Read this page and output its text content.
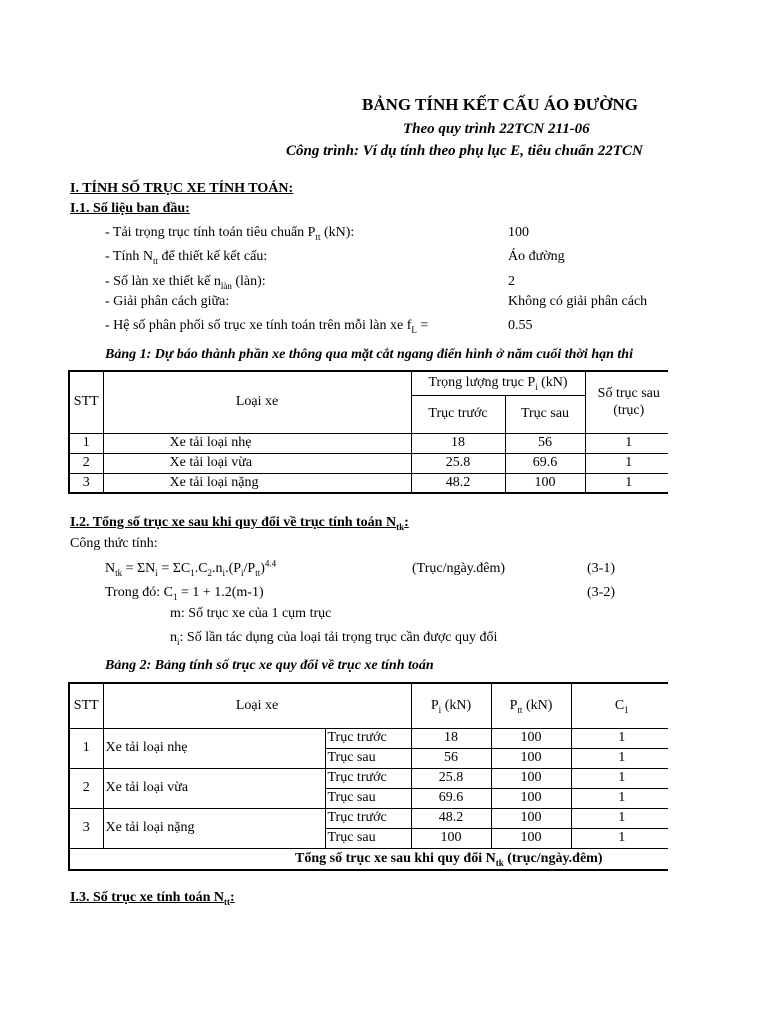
BẢNG TÍNH KẾT CẤU ÁO ĐƯỜNG
Theo quy trình 22TCN 211-06
Công trình: Ví dụ tính theo phụ lục E, tiêu chuẩn 22TCN
I. TÍNH SỐ TRỤC XE TÍNH TOÁN:
I.1. Số liệu ban đầu:
- Tải trọng trục tính toán tiêu chuẩn $P_{tt}$ (kN):	100
- Tính $N_{tt}$ để thiết kế kết cấu:	Áo đường
- Số làn xe thiết kế $n_{làn}$ (làn):	2
- Giải phân cách giữa:	Không có giải phân cách
- Hệ số phân phối số trục xe tính toán trên mỗi làn xe $f_L$ =	0.55
Bảng 1: Dự báo thành phần xe thông qua mặt cắt ngang điển hình ở năm cuối thời hạn thi
STT	Loại xe	Trọng lượng trục $P_i$ (kN)		Số trục sau (trục)
		Trục trước	Trục sau	
1	Xe tải loại nhẹ	18	56	1
2	Xe tải loại vừa	25.8	69.6	1
3	Xe tải loại nặng	48.2	100	1
I.2. Tổng số trục xe sau khi quy đổi về trục tính toán $N_{tk}$:
Công thức tính:
$N_{tk} = \Sigma N_i = \Sigma C_1.C_2.n_i.(P_i/P_{tt})^{4.4}$	(Trục/ngày.đêm)	(3-1)
Trong đó: $C_1 = 1 + 1.2(m-1)$	(3-2)
m: Số trục xe của 1 cụm trục
$n_i$: Số lần tác dụng của loại tải trọng trục cần được quy đổi
Bảng 2: Bảng tính số trục xe quy đổi về trục xe tính toán
STT	Loại xe		$P_i$ (kN)	$P_{tt}$ (kN)	$C_1$
1	Xe tải loại nhẹ	Trục trước	18	100	1
		Trục sau	56	100	1
2	Xe tải loại vừa	Trục trước	25.8	100	1
		Trục sau	69.6	100	1
3	Xe tải loại nặng	Trục trước	48.2	100	1
		Trục sau	100	100	1
Tổng số trục xe sau khi quy đổi $N_{tk}$ (trục/ngày.đêm)					
I.3. Số trục xe tính toán $N_{tt}$:
